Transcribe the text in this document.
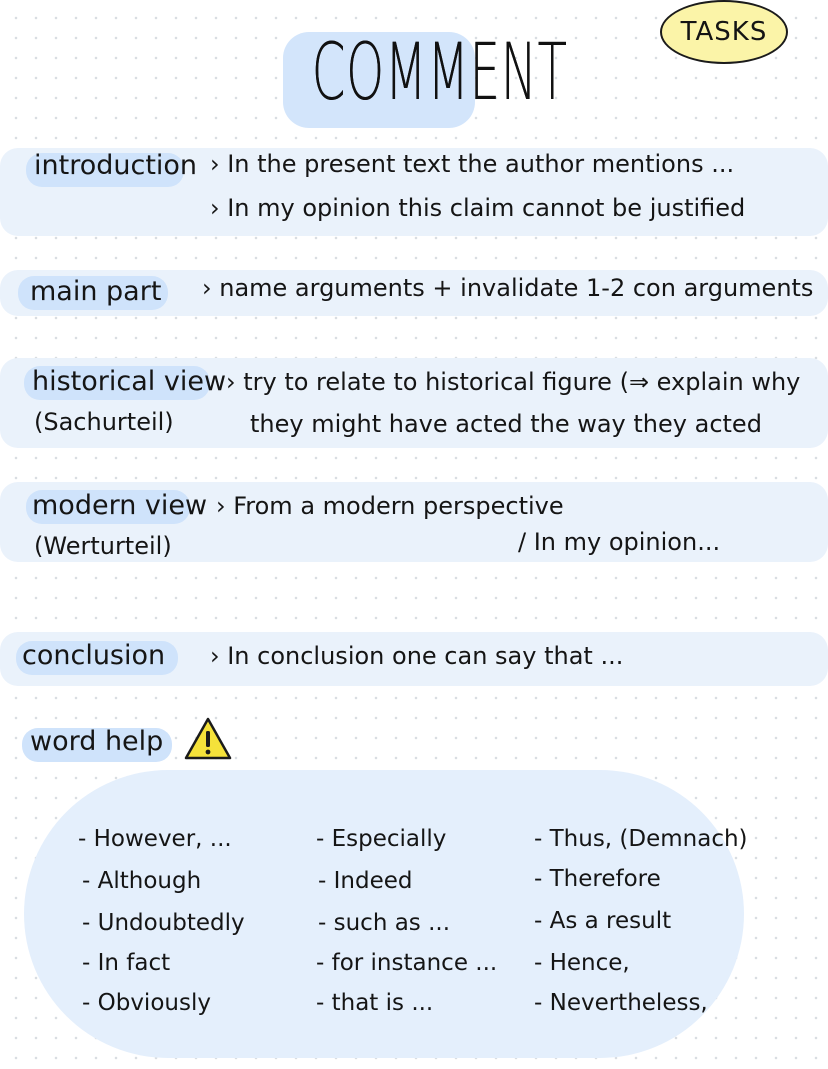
COMMENT	TASKS
introduction › In the present text the author mentions ...
› In my opinion this claim cannot be justified
main part › name arguments + invalidate 1-2 con arguments
historical view
(Sachurteil)
› try to relate to historical figure (⇒ explain why
they might have acted the way they acted
modern view
(Werturteil)
› From a modern perspective
/ In my opinion...
conclusion › In conclusion one can say that ...
word help
- However, ...
- Although
- Undoubtedly
- In fact
- Obviously
- Especially
- Indeed
- such as ...
- for instance ...
- that is ...
- Thus, (Demnach)
- Therefore
- As a result
- Hence,
- Nevertheless,
